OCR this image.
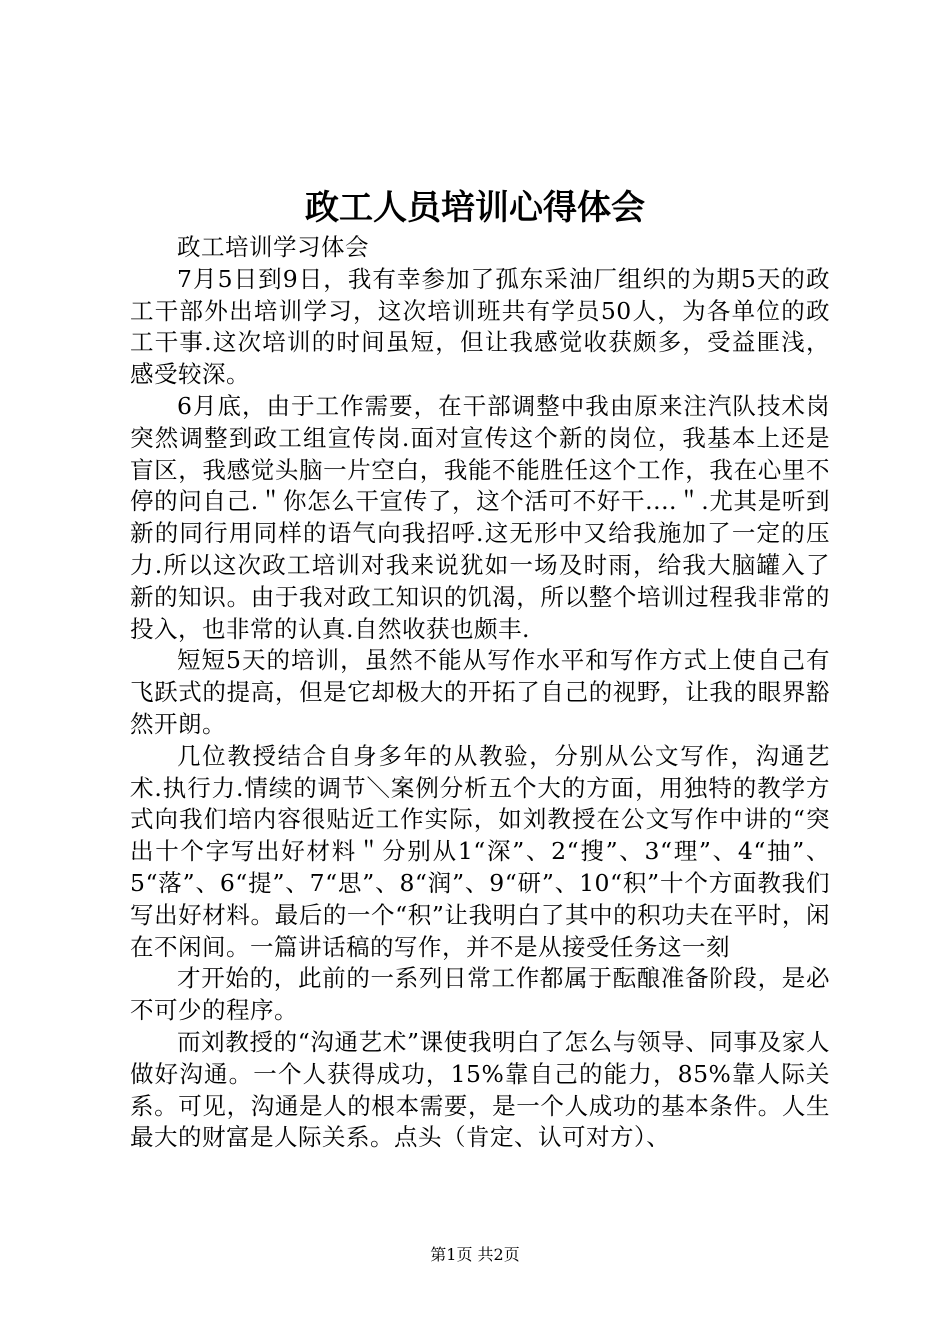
政工人员培训心得体会

政工培训学习体会

7月5日到9日，我有幸参加了孤东采油厂组织的为期5天的政工干部外出培训学习，这次培训班共有学员50人，为各单位的政工干事.这次培训的时间虽短，但让我感觉收获颇多，受益匪浅，感受较深。

6月底，由于工作需要，在干部调整中我由原来注汽队技术岗突然调整到政工组宣传岗.面对宣传这个新的岗位，我基本上还是盲区，我感觉头脑一片空白，我能不能胜任这个工作，我在心里不停的问自己.＂你怎么干宣传了，这个活可不好干....＂.尤其是听到新的同行用同样的语气向我招呼.这无形中又给我施加了一定的压力.所以这次政工培训对我来说犹如一场及时雨，给我大脑罐入了新的知识。由于我对政工知识的饥渴，所以整个培训过程我非常的投入，也非常的认真.自然收获也颇丰.

短短5天的培训，虽然不能从写作水平和写作方式上使自己有飞跃式的提高，但是它却极大的开拓了自己的视野，让我的眼界豁然开朗。

几位教授结合自身多年的从教验，分别从公文写作，沟通艺术.执行力.情续的调节＼案例分析五个大的方面，用独特的教学方式向我们培内容很贴近工作实际，如刘教授在公文写作中讲的“突出十个字写出好材料＂分别从1“深”、2“搜”、3“理”、4“抽”、5“落”、6“提”、7“思”、8“润”、9“研”、10“积”十个方面教我们写出好材料。最后的一个“积”让我明白了其中的积功夫在平时，闲在不闲间。一篇讲话稿的写作，并不是从接受任务这一刻

才开始的，此前的一系列日常工作都属于酝酿准备阶段，是必不可少的程序。

而刘教授的“沟通艺术”课使我明白了怎么与领导、同事及家人做好沟通。一个人获得成功，15%靠自己的能力，85%靠人际关系。可见，沟通是人的根本需要，是一个人成功的基本条件。人生最大的财富是人际关系。点头（肯定、认可对方）、

第1页 共2页
